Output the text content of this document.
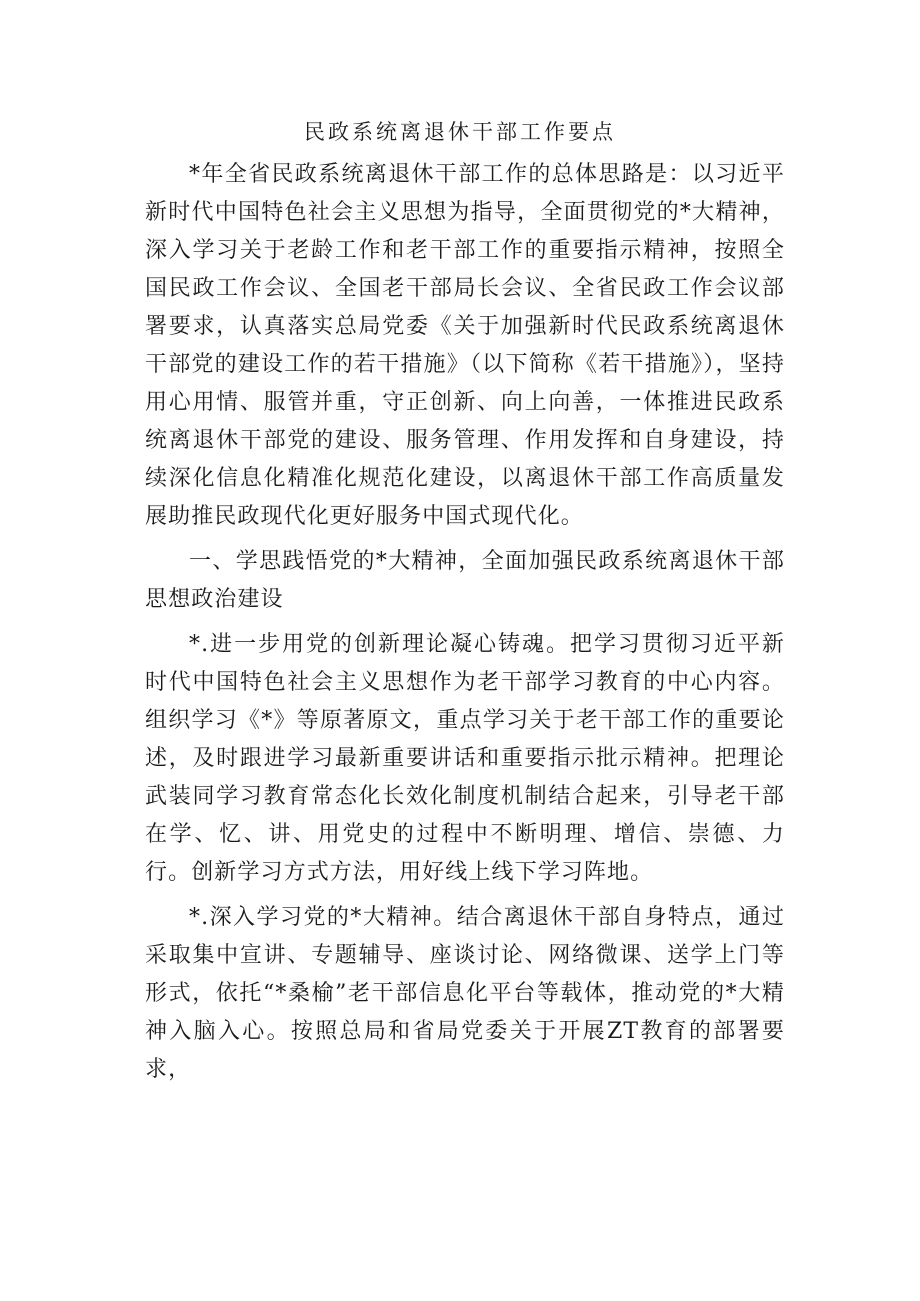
民政系统离退休干部工作要点

*年全省民政系统离退休干部工作的总体思路是：以习近平新时代中国特色社会主义思想为指导，全面贯彻党的*大精神，深入学习关于老龄工作和老干部工作的重要指示精神，按照全国民政工作会议、全国老干部局长会议、全省民政工作会议部署要求，认真落实总局党委《关于加强新时代民政系统离退休干部党的建设工作的若干措施》（以下简称《若干措施》），坚持用心用情、服管并重，守正创新、向上向善，一体推进民政系统离退休干部党的建设、服务管理、作用发挥和自身建设，持续深化信息化精准化规范化建设，以离退休干部工作高质量发展助推民政现代化更好服务中国式现代化。

一、学思践悟党的*大精神，全面加强民政系统离退休干部思想政治建设

*.进一步用党的创新理论凝心铸魂。把学习贯彻习近平新时代中国特色社会主义思想作为老干部学习教育的中心内容。组织学习《*》等原著原文，重点学习关于老干部工作的重要论述，及时跟进学习最新重要讲话和重要指示批示精神。把理论武装同学习教育常态化长效化制度机制结合起来，引导老干部在学、忆、讲、用党史的过程中不断明理、增信、崇德、力行。创新学习方式方法，用好线上线下学习阵地。

*.深入学习党的*大精神。结合离退休干部自身特点，通过采取集中宣讲、专题辅导、座谈讨论、网络微课、送学上门等形式，依托“*桑榆”老干部信息化平台等载体，推动党的*大精神入脑入心。按照总局和省局党委关于开展ZT教育的部署要求，
